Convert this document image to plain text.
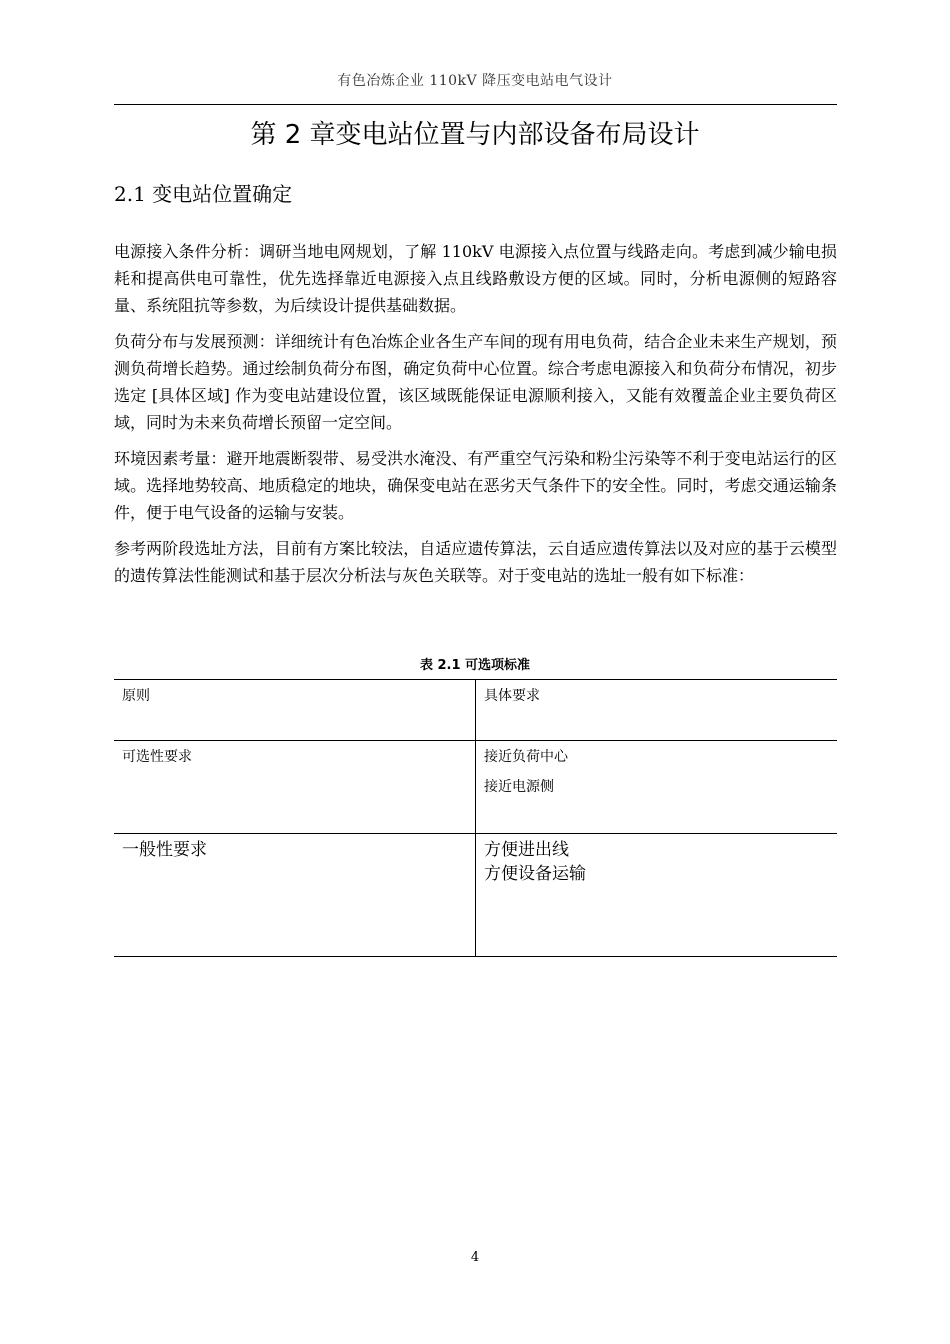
有色冶炼企业 110kV 降压变电站电气设计
第 2 章变电站位置与内部设备布局设计
2.1 变电站位置确定

电源接入条件分析：调研当地电网规划，了解 110kV 电源接入点位置与线路走向。考虑到减少输电损耗和提高供电可靠性，优先选择靠近电源接入点且线路敷设方便的区域。同时，分析电源侧的短路容量、系统阻抗等参数，为后续设计提供基础数据。

负荷分布与发展预测：详细统计有色冶炼企业各生产车间的现有用电负荷，结合企业未来生产规划，预测负荷增长趋势。通过绘制负荷分布图，确定负荷中心位置。综合考虑电源接入和负荷分布情况，初步选定 [具体区域] 作为变电站建设位置，该区域既能保证电源顺利接入，又能有效覆盖企业主要负荷区域，同时为未来负荷增长预留一定空间。

环境因素考量：避开地震断裂带、易受洪水淹没、有严重空气污染和粉尘污染等不利于变电站运行的区域。选择地势较高、地质稳定的地块，确保变电站在恶劣天气条件下的安全性。同时，考虑交通运输条件，便于电气设备的运输与安装。

参考两阶段选址方法，目前有方案比较法，自适应遗传算法，云自适应遗传算法以及对应的基于云模型的遗传算法性能测试和基于层次分析法与灰色关联等。对于变电站的选址一般有如下标准：

表 2.1 可选项标准
原则	具体要求
可选性要求	接近负荷中心
接近电源侧

一般性要求	方便进出线
方便设备运输
4
